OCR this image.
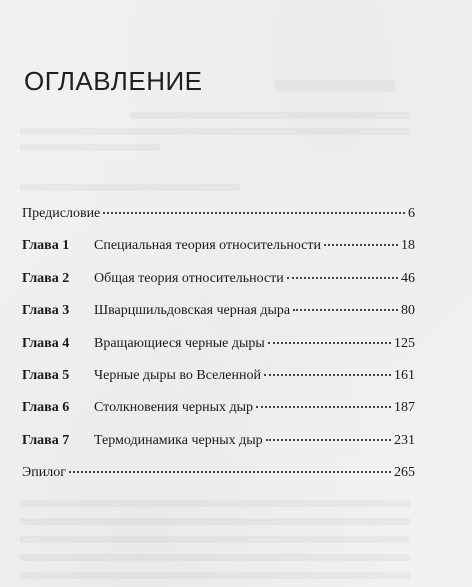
ОГЛАВЛЕНИЕ
Предисловие	6
Глава 1	Специальная теория относительности	18
Глава 2	Общая теория относительности	46
Глава 3	Шварцшильдовская черная дыра	80
Глава 4	Вращающиеся черные дыры	125
Глава 5	Черные дыры во Вселенной	161
Глава 6	Столкновения черных дыр	187
Глава 7	Термодинамика черных дыр	231
Эпилог	265
